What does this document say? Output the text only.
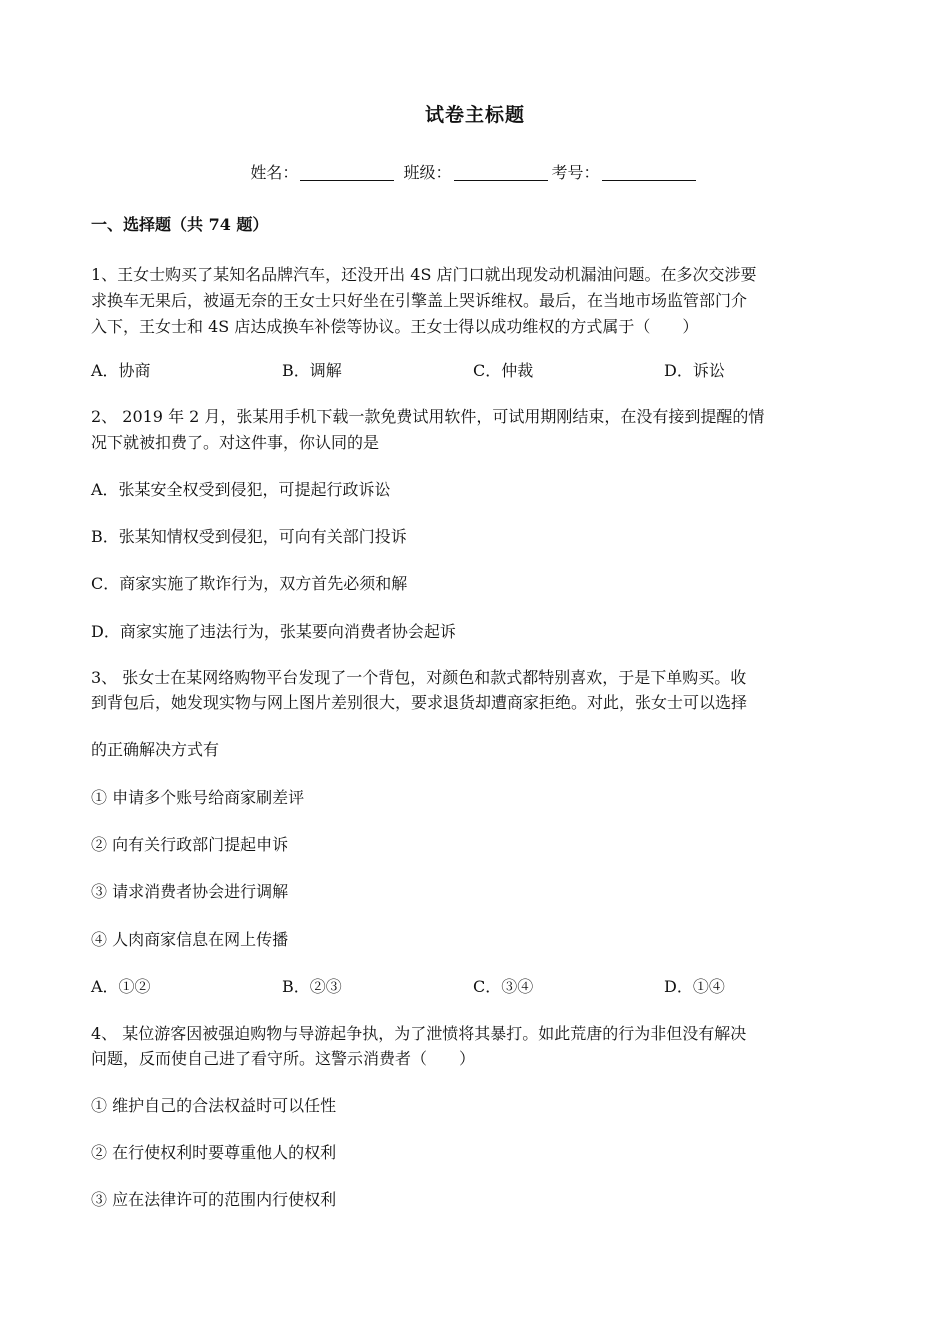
试卷主标题
姓名：	班级：	考号：
一、选择题（共 74 题）
1、王女士购买了某知名品牌汽车，还没开出 4S 店门口就出现发动机漏油问题。在多次交涉要
求换车无果后，被逼无奈的王女士只好坐在引擎盖上哭诉维权。最后，在当地市场监管部门介
入下，王女士和 4S 店达成换车补偿等协议。王女士得以成功维权的方式属于（　　）
A．协商	B．调解	C．仲裁	D．诉讼
2、 2019 年 2 月，张某用手机下载一款免费试用软件，可试用期刚结束，在没有接到提醒的情
况下就被扣费了。对这件事，你认同的是
A．张某安全权受到侵犯，可提起行政诉讼
B．张某知情权受到侵犯，可向有关部门投诉
C．商家实施了欺诈行为，双方首先必须和解
D．商家实施了违法行为，张某要向消费者协会起诉
3、 张女士在某网络购物平台发现了一个背包，对颜色和款式都特别喜欢，于是下单购买。收
到背包后，她发现实物与网上图片差别很大，要求退货却遭商家拒绝。对此，张女士可以选择
的正确解决方式有
① 申请多个账号给商家刷差评
② 向有关行政部门提起申诉
③ 请求消费者协会进行调解
④ 人肉商家信息在网上传播
A．①②	B．②③	C．③④	D．①④
4、 某位游客因被强迫购物与导游起争执，为了泄愤将其暴打。如此荒唐的行为非但没有解决
问题，反而使自己进了看守所。这警示消费者（　　）
① 维护自己的合法权益时可以任性
② 在行使权利时要尊重他人的权利
③ 应在法律许可的范围内行使权利
